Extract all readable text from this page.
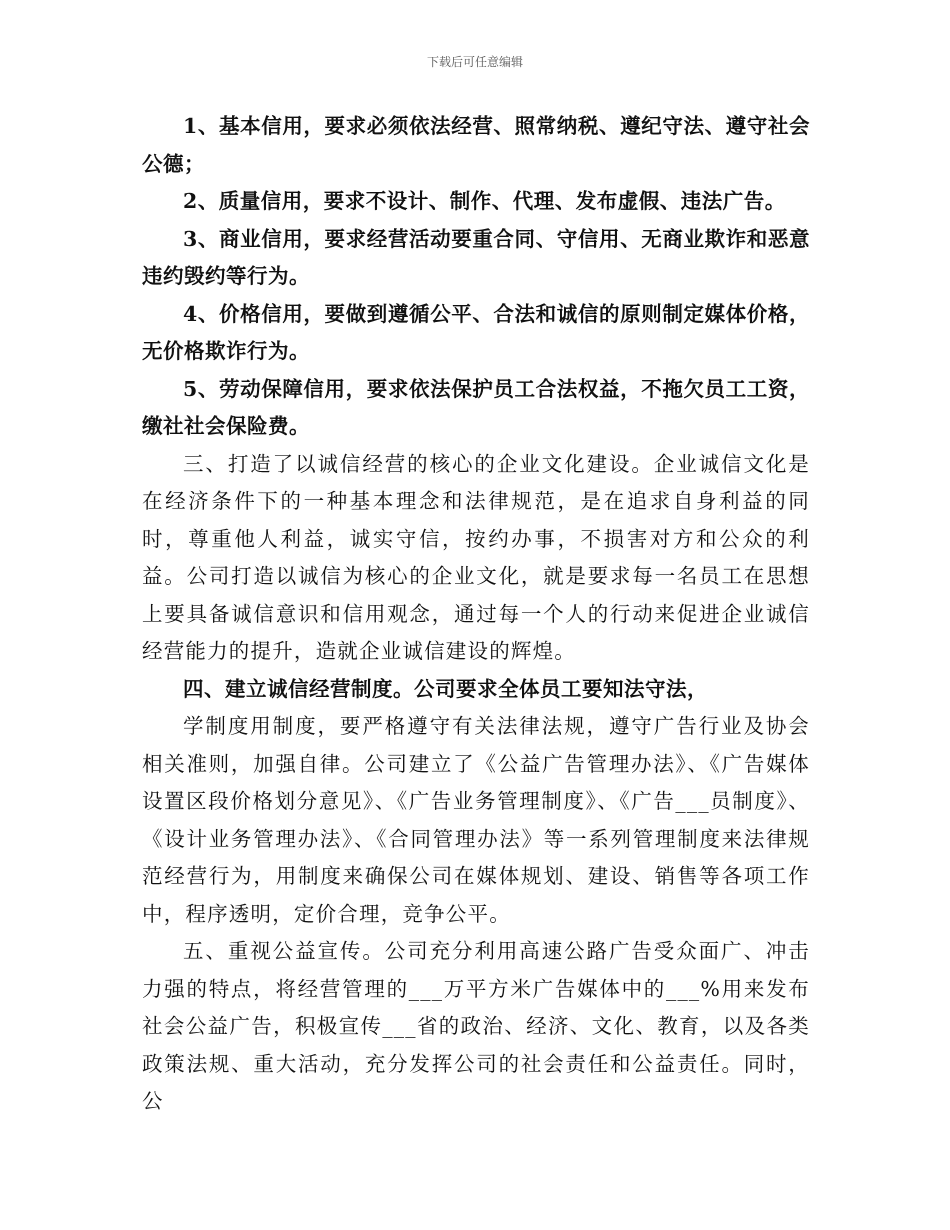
下载后可任意编辑

1、基本信用，要求必须依法经营、照常纳税、遵纪守法、遵守社会公德；

2、质量信用，要求不设计、制作、代理、发布虚假、违法广告。

3、商业信用，要求经营活动要重合同、守信用、无商业欺诈和恶意违约毁约等行为。

4、价格信用，要做到遵循公平、合法和诚信的原则制定媒体价格，无价格欺诈行为。

5、劳动保障信用，要求依法保护员工合法权益，不拖欠员工工资，缴社社会保险费。

三、打造了以诚信经营的核心的企业文化建设。企业诚信文化是在经济条件下的一种基本理念和法律规范，是在追求自身利益的同时，尊重他人利益，诚实守信，按约办事，不损害对方和公众的利益。公司打造以诚信为核心的企业文化，就是要求每一名员工在思想上要具备诚信意识和信用观念，通过每一个人的行动来促进企业诚信经营能力的提升，造就企业诚信建设的辉煌。

四、建立诚信经营制度。公司要求全体员工要知法守法，

学制度用制度，要严格遵守有关法律法规，遵守广告行业及协会相关准则，加强自律。公司建立了《公益广告管理办法》、《广告媒体设置区段价格划分意见》、《广告业务管理制度》、《广告___员制度》、《设计业务管理办法》、《合同管理办法》等一系列管理制度来法律规范经营行为，用制度来确保公司在媒体规划、建设、销售等各项工作中，程序透明，定价合理，竞争公平。

五、重视公益宣传。公司充分利用高速公路广告受众面广、冲击力强的特点，将经营管理的___万平方米广告媒体中的___%用来发布社会公益广告，积极宣传___省的政治、经济、文化、教育，以及各类政策法规、重大活动，充分发挥公司的社会责任和公益责任。同时，公
